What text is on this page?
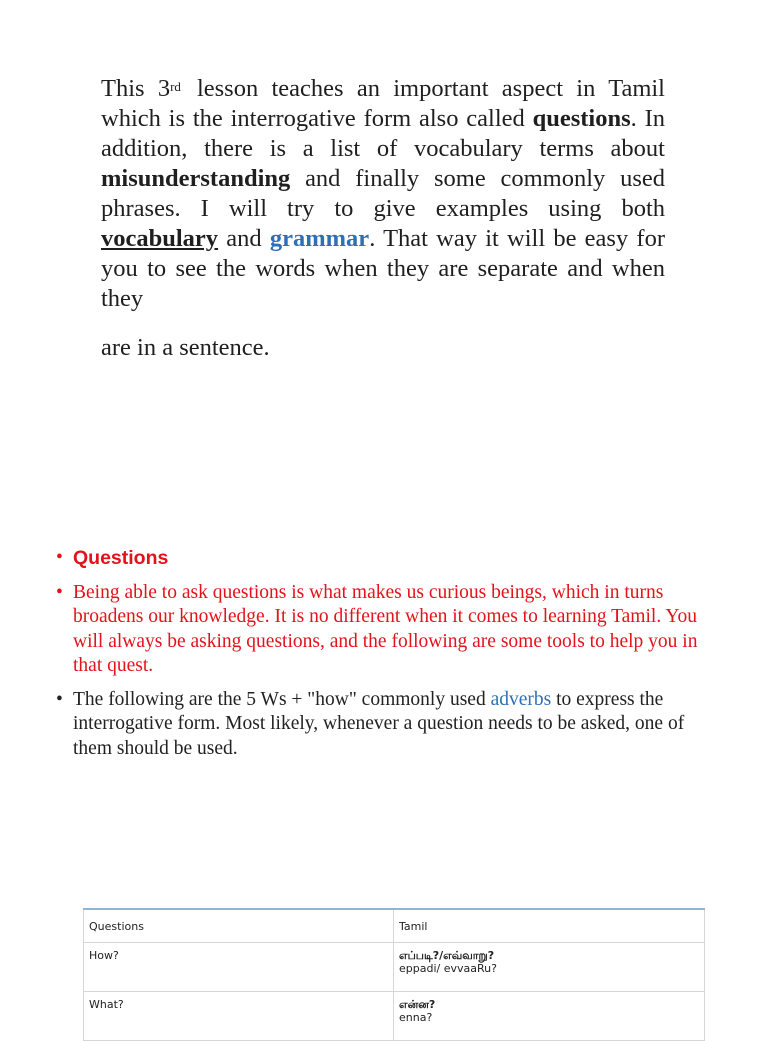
This 3rd lesson teaches an important aspect in Tamil which is the interrogative form also called questions. In addition, there is a list of vocabulary terms about misunderstanding and finally some commonly used phrases. I will try to give examples using both vocabulary and grammar. That way it will be easy for you to see the words when they are separate and when they
are in a sentence.

• Questions
• Being able to ask questions is what makes us curious beings, which in turns broadens our knowledge. It is no different when it comes to learning Tamil. You will always be asking questions, and the following are some tools to help you in that quest.
• The following are the 5 Ws + "how" commonly used adverbs to express the interrogative form. Most likely, whenever a question needs to be asked, one of them should be used.
Questions	Tamil
How?	எப்படி?/எவ்வாறு?
eppadi/ evvaaRu?

What?	என்ன?
enna?
